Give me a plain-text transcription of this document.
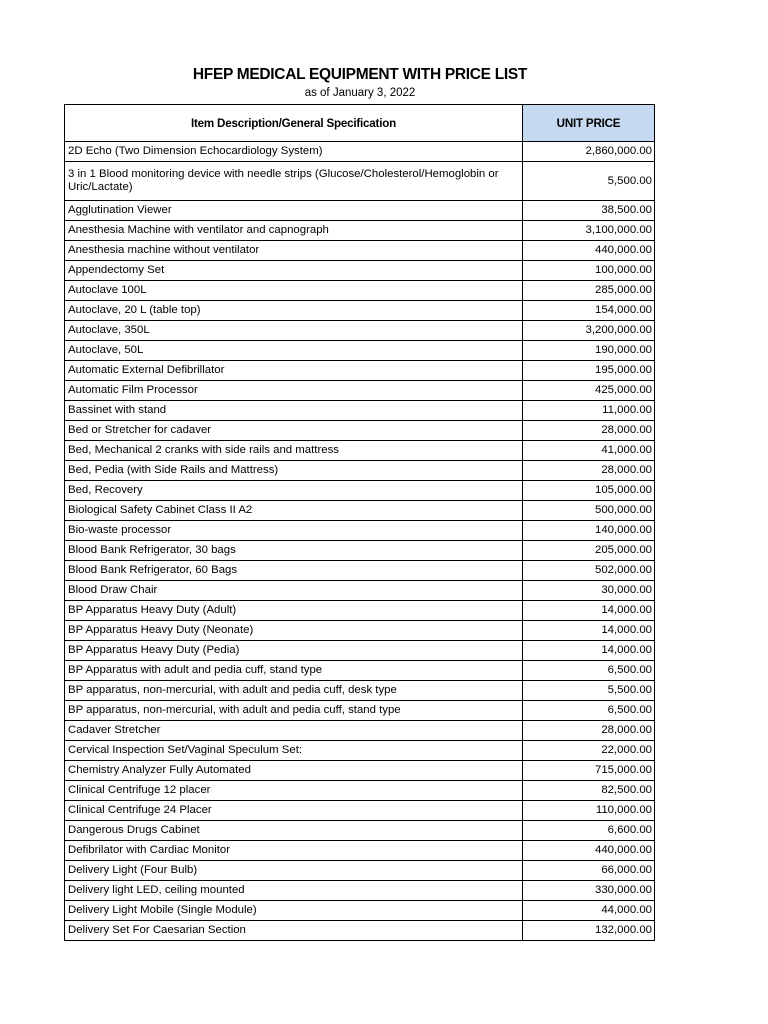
HFEP MEDICAL EQUIPMENT WITH PRICE LIST
as of January 3, 2022
Item Description/General Specification	UNIT PRICE
2D Echo (Two Dimension Echocardiology System)	2,860,000.00
3 in 1 Blood monitoring device with needle strips (Glucose/Cholesterol/Hemoglobin or Uric/Lactate)	5,500.00
Agglutination Viewer	38,500.00
Anesthesia Machine with ventilator and capnograph	3,100,000.00
Anesthesia machine without ventilator	440,000.00
Appendectomy Set	100,000.00
Autoclave 100L	285,000.00
Autoclave, 20 L (table top)	154,000.00
Autoclave, 350L	3,200,000.00
Autoclave, 50L	190,000.00
Automatic External Defibrillator	195,000.00
Automatic Film Processor	425,000.00
Bassinet with stand	11,000.00
Bed or Stretcher for cadaver	28,000.00
Bed, Mechanical 2 cranks with side rails and mattress	41,000.00
Bed, Pedia (with Side Rails and Mattress)	28,000.00
Bed, Recovery	105,000.00
Biological Safety Cabinet Class II A2	500,000.00
Bio-waste processor	140,000.00
Blood Bank Refrigerator, 30 bags	205,000.00
Blood Bank Refrigerator, 60 Bags	502,000.00
Blood Draw Chair	30,000.00
BP Apparatus Heavy Duty (Adult)	14,000.00
BP Apparatus Heavy Duty (Neonate)	14,000.00
BP Apparatus Heavy Duty (Pedia)	14,000.00
BP Apparatus with adult and pedia cuff, stand type	6,500.00
BP apparatus, non-mercurial, with adult and pedia cuff, desk type	5,500.00
BP apparatus, non-mercurial, with adult and pedia cuff, stand type	6,500.00
Cadaver Stretcher	28,000.00
Cervical Inspection Set/Vaginal Speculum Set:	22,000.00
Chemistry Analyzer Fully Automated	715,000.00
Clinical Centrifuge 12 placer	82,500.00
Clinical Centrifuge 24 Placer	110,000.00
Dangerous Drugs Cabinet	6,600.00
Defibrilator with Cardiac Monitor	440,000.00
Delivery Light (Four Bulb)	66,000.00
Delivery light LED, ceiling mounted	330,000.00
Delivery Light Mobile (Single Module)	44,000.00
Delivery Set For Caesarian Section	132,000.00
